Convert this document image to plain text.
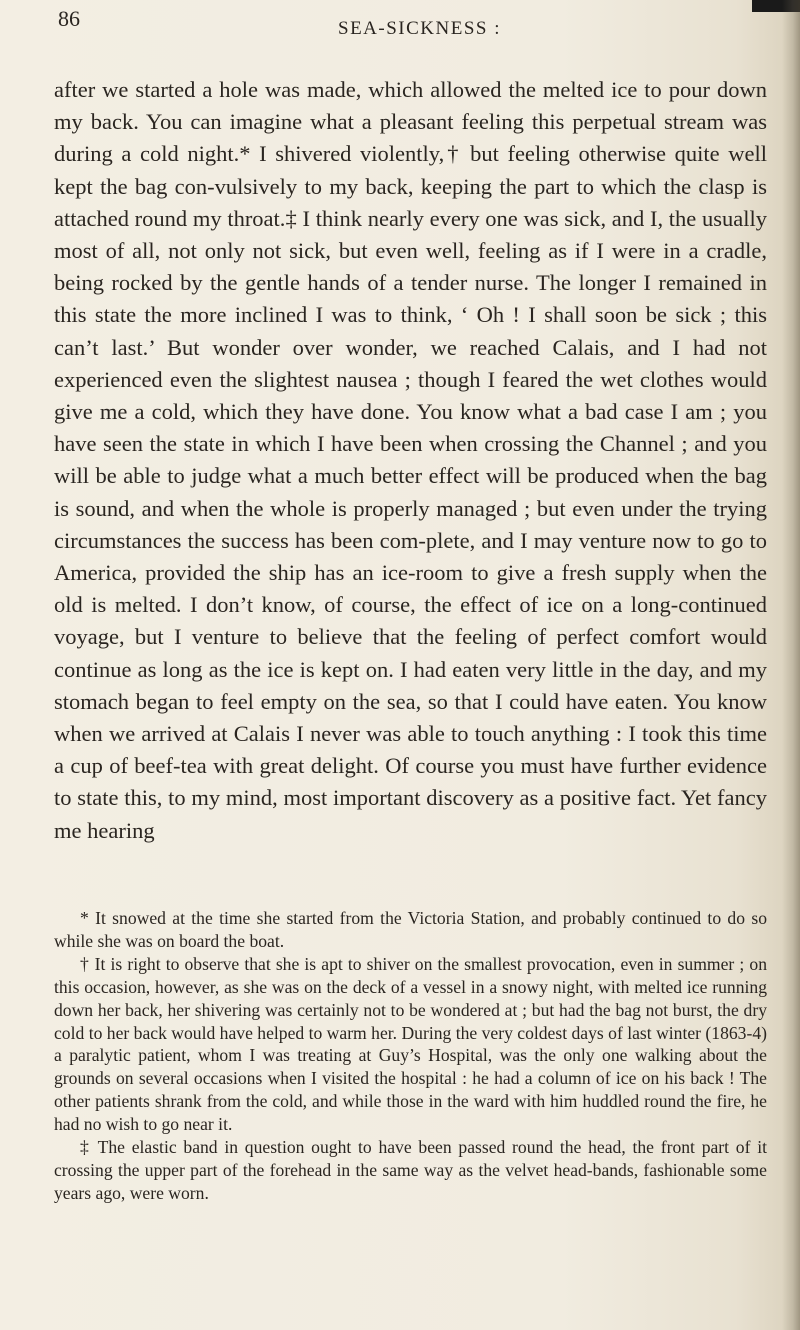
86	SEA-SICKNESS :

after we started a hole was made, which allowed the melted ice to pour down my back. You can imagine what a pleasant feeling this perpetual stream was during a cold night.* I shivered violently,† but feeling otherwise quite well kept the bag con-vulsively to my back, keeping the part to which the clasp is attached round my throat.‡ I think nearly every one was sick, and I, the usually most of all, not only not sick, but even well, feeling as if I were in a cradle, being rocked by the gentle hands of a tender nurse. The longer I remained in this state the more inclined I was to think, ‘ Oh ! I shall soon be sick ; this can’t last.’ But wonder over wonder, we reached Calais, and I had not experienced even the slightest nausea ; though I feared the wet clothes would give me a cold, which they have done. You know what a bad case I am ; you have seen the state in which I have been when crossing the Channel ; and you will be able to judge what a much better effect will be produced when the bag is sound, and when the whole is properly managed ; but even under the trying circumstances the success has been com-plete, and I may venture now to go to America, provided the ship has an ice-room to give a fresh supply when the old is melted. I don’t know, of course, the effect of ice on a long-continued voyage, but I venture to believe that the feeling of perfect comfort would continue as long as the ice is kept on. I had eaten very little in the day, and my stomach began to feel empty on the sea, so that I could have eaten. You know when we arrived at Calais I never was able to touch anything : I took this time a cup of beef-tea with great delight. Of course you must have further evidence to state this, to my mind, most important discovery as a positive fact. Yet fancy me hearing

* It snowed at the time she started from the Victoria Station, and probably continued to do so while she was on board the boat.

† It is right to observe that she is apt to shiver on the smallest provocation, even in summer ; on this occasion, however, as she was on the deck of a vessel in a snowy night, with melted ice running down her back, her shivering was certainly not to be wondered at ; but had the bag not burst, the dry cold to her back would have helped to warm her. During the very coldest days of last winter (1863-4) a paralytic patient, whom I was treating at Guy’s Hospital, was the only one walking about the grounds on several occasions when I visited the hospital : he had a column of ice on his back ! The other patients shrank from the cold, and while those in the ward with him huddled round the fire, he had no wish to go near it.

‡ The elastic band in question ought to have been passed round the head, the front part of it crossing the upper part of the forehead in the same way as the velvet head-bands, fashionable some years ago, were worn.
